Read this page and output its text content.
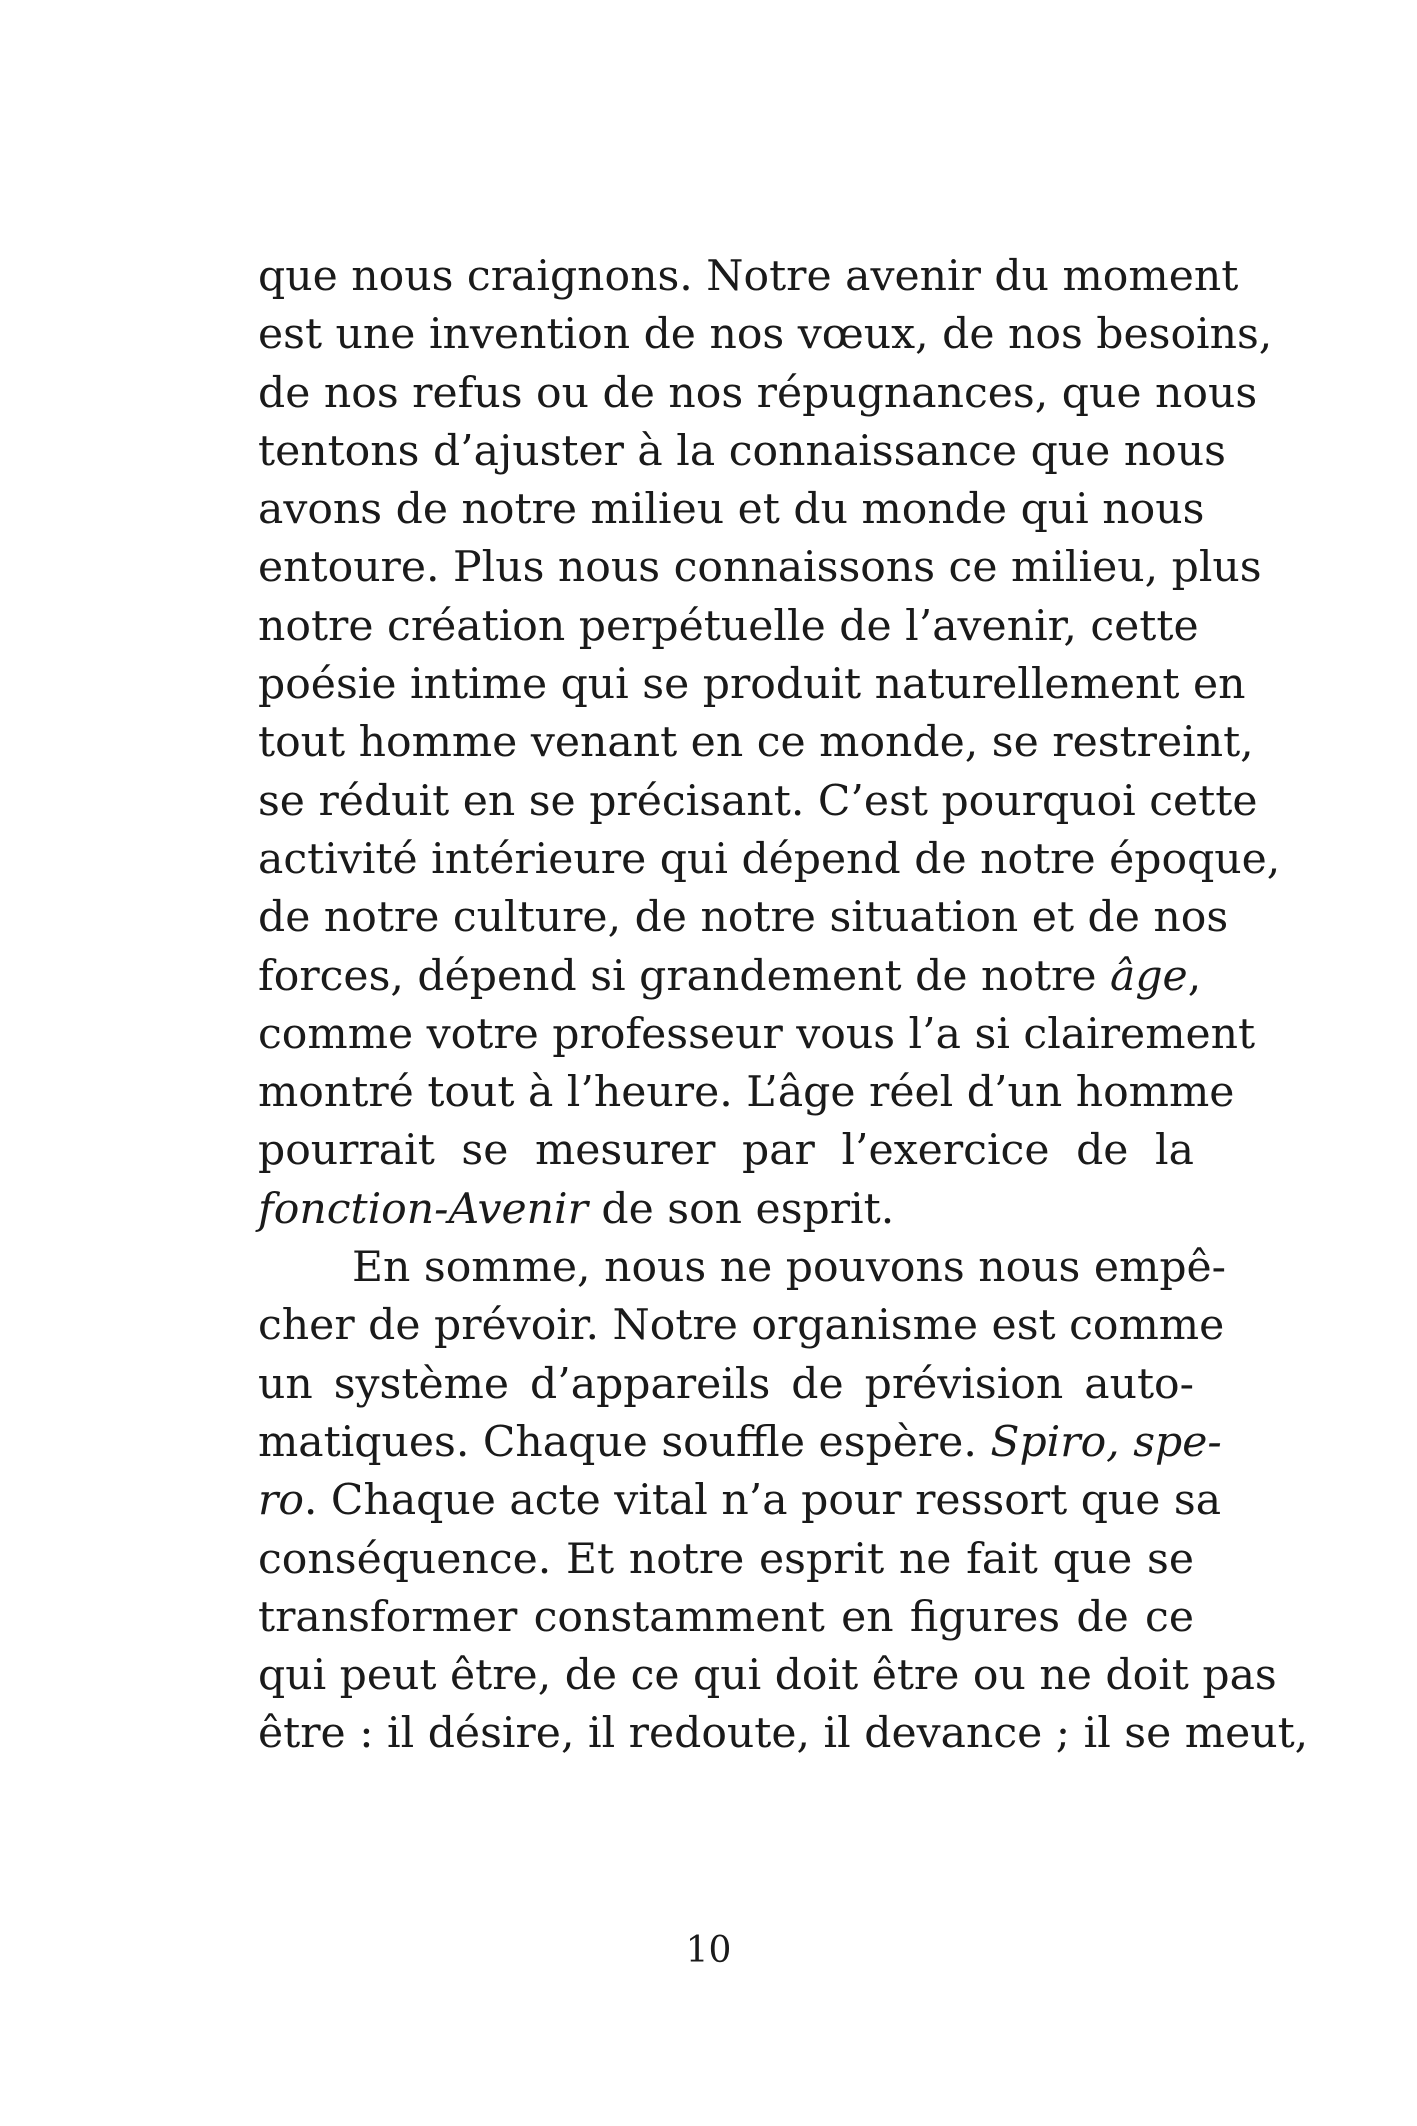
que nous craignons. Notre avenir du moment
est une invention de nos vœux, de nos besoins,
de nos refus ou de nos répugnances, que nous
tentons d’ajuster à la connaissance que nous
avons de notre milieu et du monde qui nous
entoure. Plus nous connaissons ce milieu, plus
notre création perpétuelle de l’avenir, cette
poésie intime qui se produit naturellement en
tout homme venant en ce monde, se restreint,
se réduit en se précisant. C’est pourquoi cette
activité intérieure qui dépend de notre époque,
de notre culture, de notre situation et de nos
forces, dépend si grandement de notre âge,
comme votre professeur vous l’a si clairement
montré tout à l’heure. L’âge réel d’un homme
pourrait se mesurer par l’exercice de la
fonction-Avenir de son esprit.
En somme, nous ne pouvons nous empê-
cher de prévoir. Notre organisme est comme
un système d’appareils de prévision auto-
matiques. Chaque souffle espère. Spiro, spe-
ro. Chaque acte vital n’a pour ressort que sa
conséquence. Et notre esprit ne fait que se
transformer constamment en figures de ce
qui peut être, de ce qui doit être ou ne doit pas
être : il désire, il redoute, il devance ; il se meut,
10
